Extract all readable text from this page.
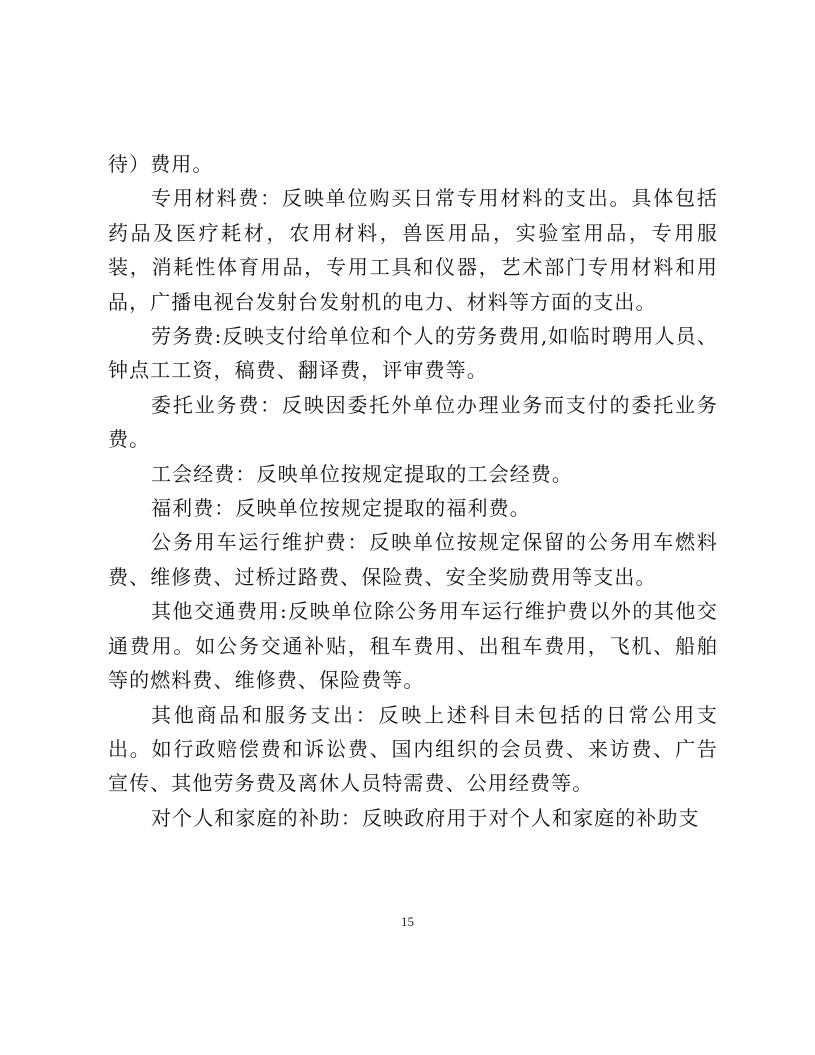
待）费用。

专用材料费：反映单位购买日常专用材料的支出。具体包括药品及医疗耗材，农用材料，兽医用品，实验室用品，专用服装，消耗性体育用品，专用工具和仪器，艺术部门专用材料和用品，广播电视台发射台发射机的电力、材料等方面的支出。

劳务费:反映支付给单位和个人的劳务费用,如临时聘用人员、钟点工工资，稿费、翻译费，评审费等。

委托业务费：反映因委托外单位办理业务而支付的委托业务费。

工会经费：反映单位按规定提取的工会经费。

福利费：反映单位按规定提取的福利费。

公务用车运行维护费：反映单位按规定保留的公务用车燃料费、维修费、过桥过路费、保险费、安全奖励费用等支出。

其他交通费用:反映单位除公务用车运行维护费以外的其他交通费用。如公务交通补贴，租车费用、出租车费用，飞机、船舶等的燃料费、维修费、保险费等。

其他商品和服务支出：反映上述科目未包括的日常公用支出。如行政赔偿费和诉讼费、国内组织的会员费、来访费、广告宣传、其他劳务费及离休人员特需费、公用经费等。

对个人和家庭的补助：反映政府用于对个人和家庭的补助支

15
